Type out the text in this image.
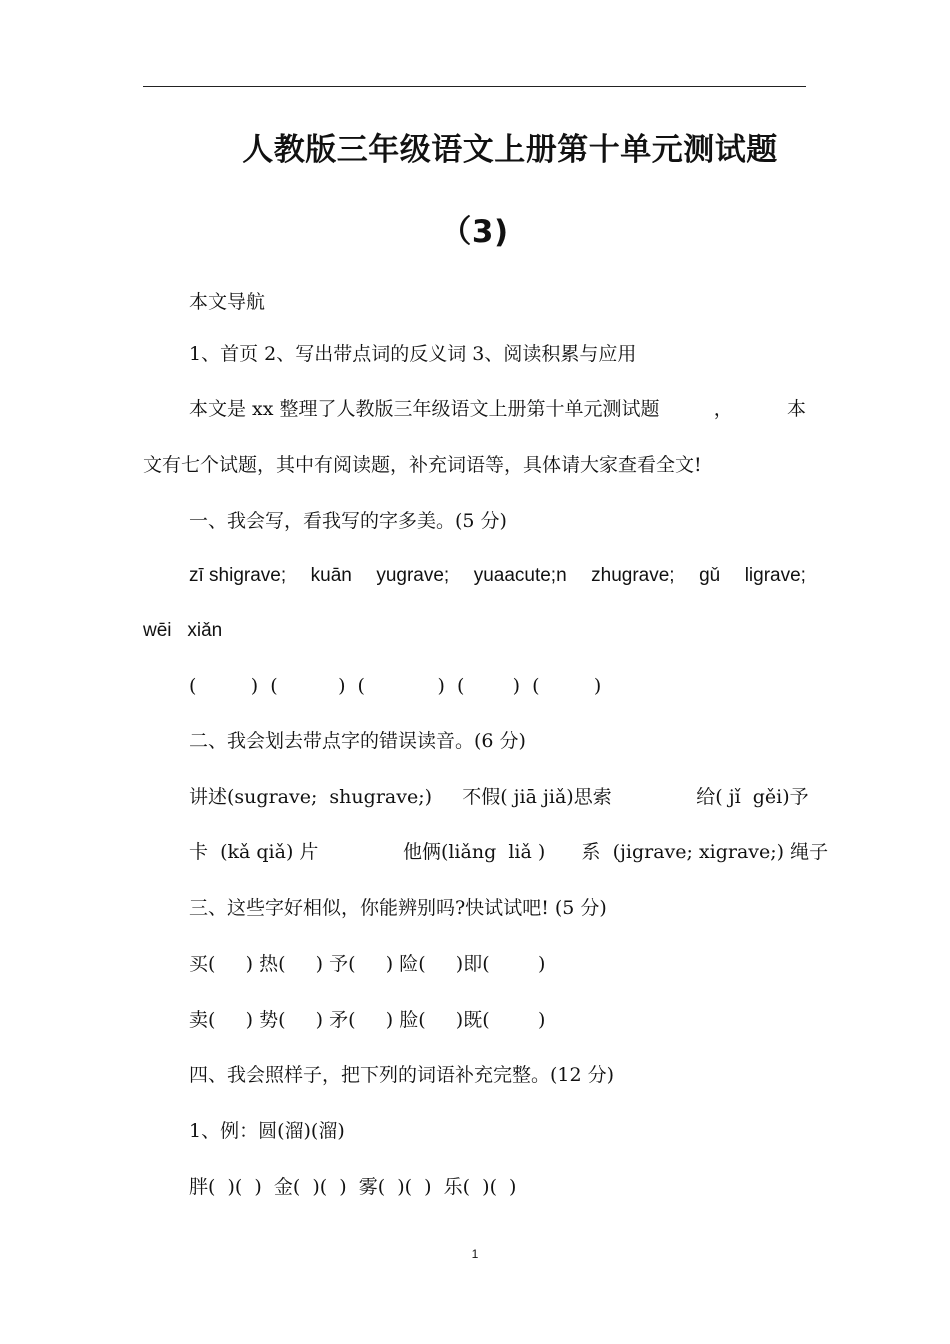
人教版三年级语文上册第十单元测试题
（3)
本文导航
1、首页 2、写出带点词的反义词 3、阅读积累与应用
本文是 xx 整理了人教版三年级语文上册第十单元测试题	，	本
文有七个试题，其中有阅读题，补充词语等，具体请大家查看全文!
一、我会写，看我写的字多美。(5 分)
zī shigrave; kuān yugrave; yuaacute;n zhugrave; gǔ ligrave;
wēi   xiǎn
(         )  (          )  (            )  (        )  (         )
二、我会划去带点字的错误读音。(6 分)
讲述(sugrave;  shugrave;)     不假( jiā jiǎ)思索              给( jǐ  gěi)予
卡  (kǎ qiǎ) 片              他俩(liǎng  liǎ )      系  (jigrave; xigrave;) 绳子
三、这些字好相似，你能辨别吗?快试试吧! (5 分)
买(     ) 热(     ) 予(     ) 险(     )即(        )
卖(     ) 势(     ) 矛(     ) 脸(     )既(        )
四、我会照样子，把下列的词语补充完整。(12 分)
1、例：圆(溜)(溜)
胖(  )(  )  金(  )(  )  雾(  )(  )  乐(  )(  )
1
